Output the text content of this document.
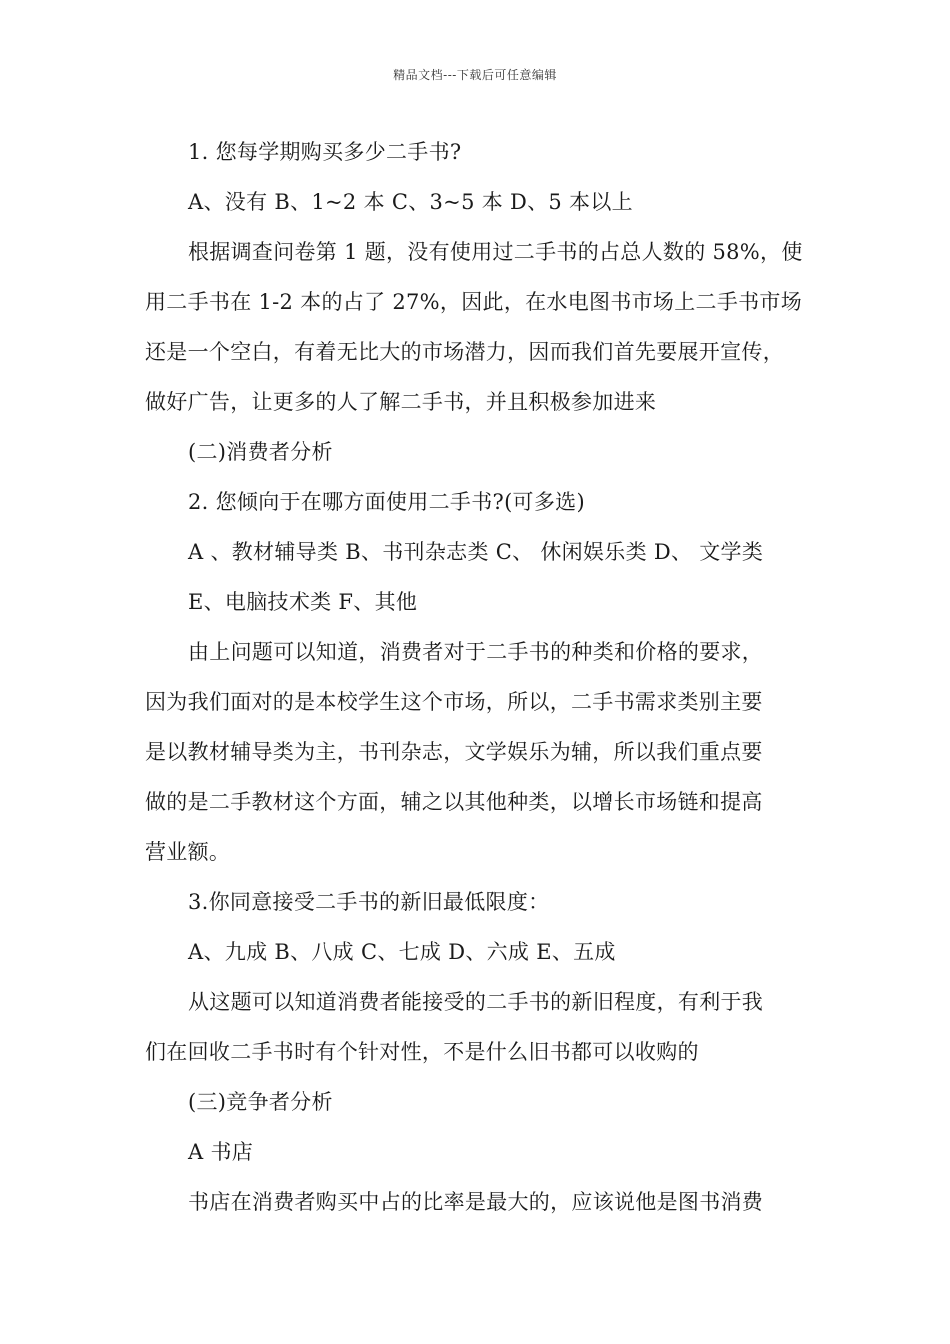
精品文档---下载后可任意编辑
1. 您每学期购买多少二手书?
A、没有 B、1~2 本 C、3~5 本 D、5 本以上
根据调查问卷第 1 题，没有使用过二手书的占总人数的 58%，使
用二手书在 1-2 本的占了 27%，因此，在水电图书市场上二手书市场
还是一个空白，有着无比大的市场潜力，因而我们首先要展开宣传，
做好广告，让更多的人了解二手书，并且积极参加进来
(二)消费者分析
2. 您倾向于在哪方面使用二手书?(可多选)
A 、教材辅导类 B、书刊杂志类 C、 休闲娱乐类 D、 文学类
E、电脑技术类 F、其他
由上问题可以知道，消费者对于二手书的种类和价格的要求，
因为我们面对的是本校学生这个市场，所以，二手书需求类别主要
是以教材辅导类为主，书刊杂志，文学娱乐为辅，所以我们重点要
做的是二手教材这个方面，辅之以其他种类，以增长市场链和提高
营业额。
3.你同意接受二手书的新旧最低限度：
A、九成 B、八成 C、七成 D、六成 E、五成
从这题可以知道消费者能接受的二手书的新旧程度，有利于我
们在回收二手书时有个针对性，不是什么旧书都可以收购的
(三)竞争者分析
A 书店
书店在消费者购买中占的比率是最大的，应该说他是图书消费
